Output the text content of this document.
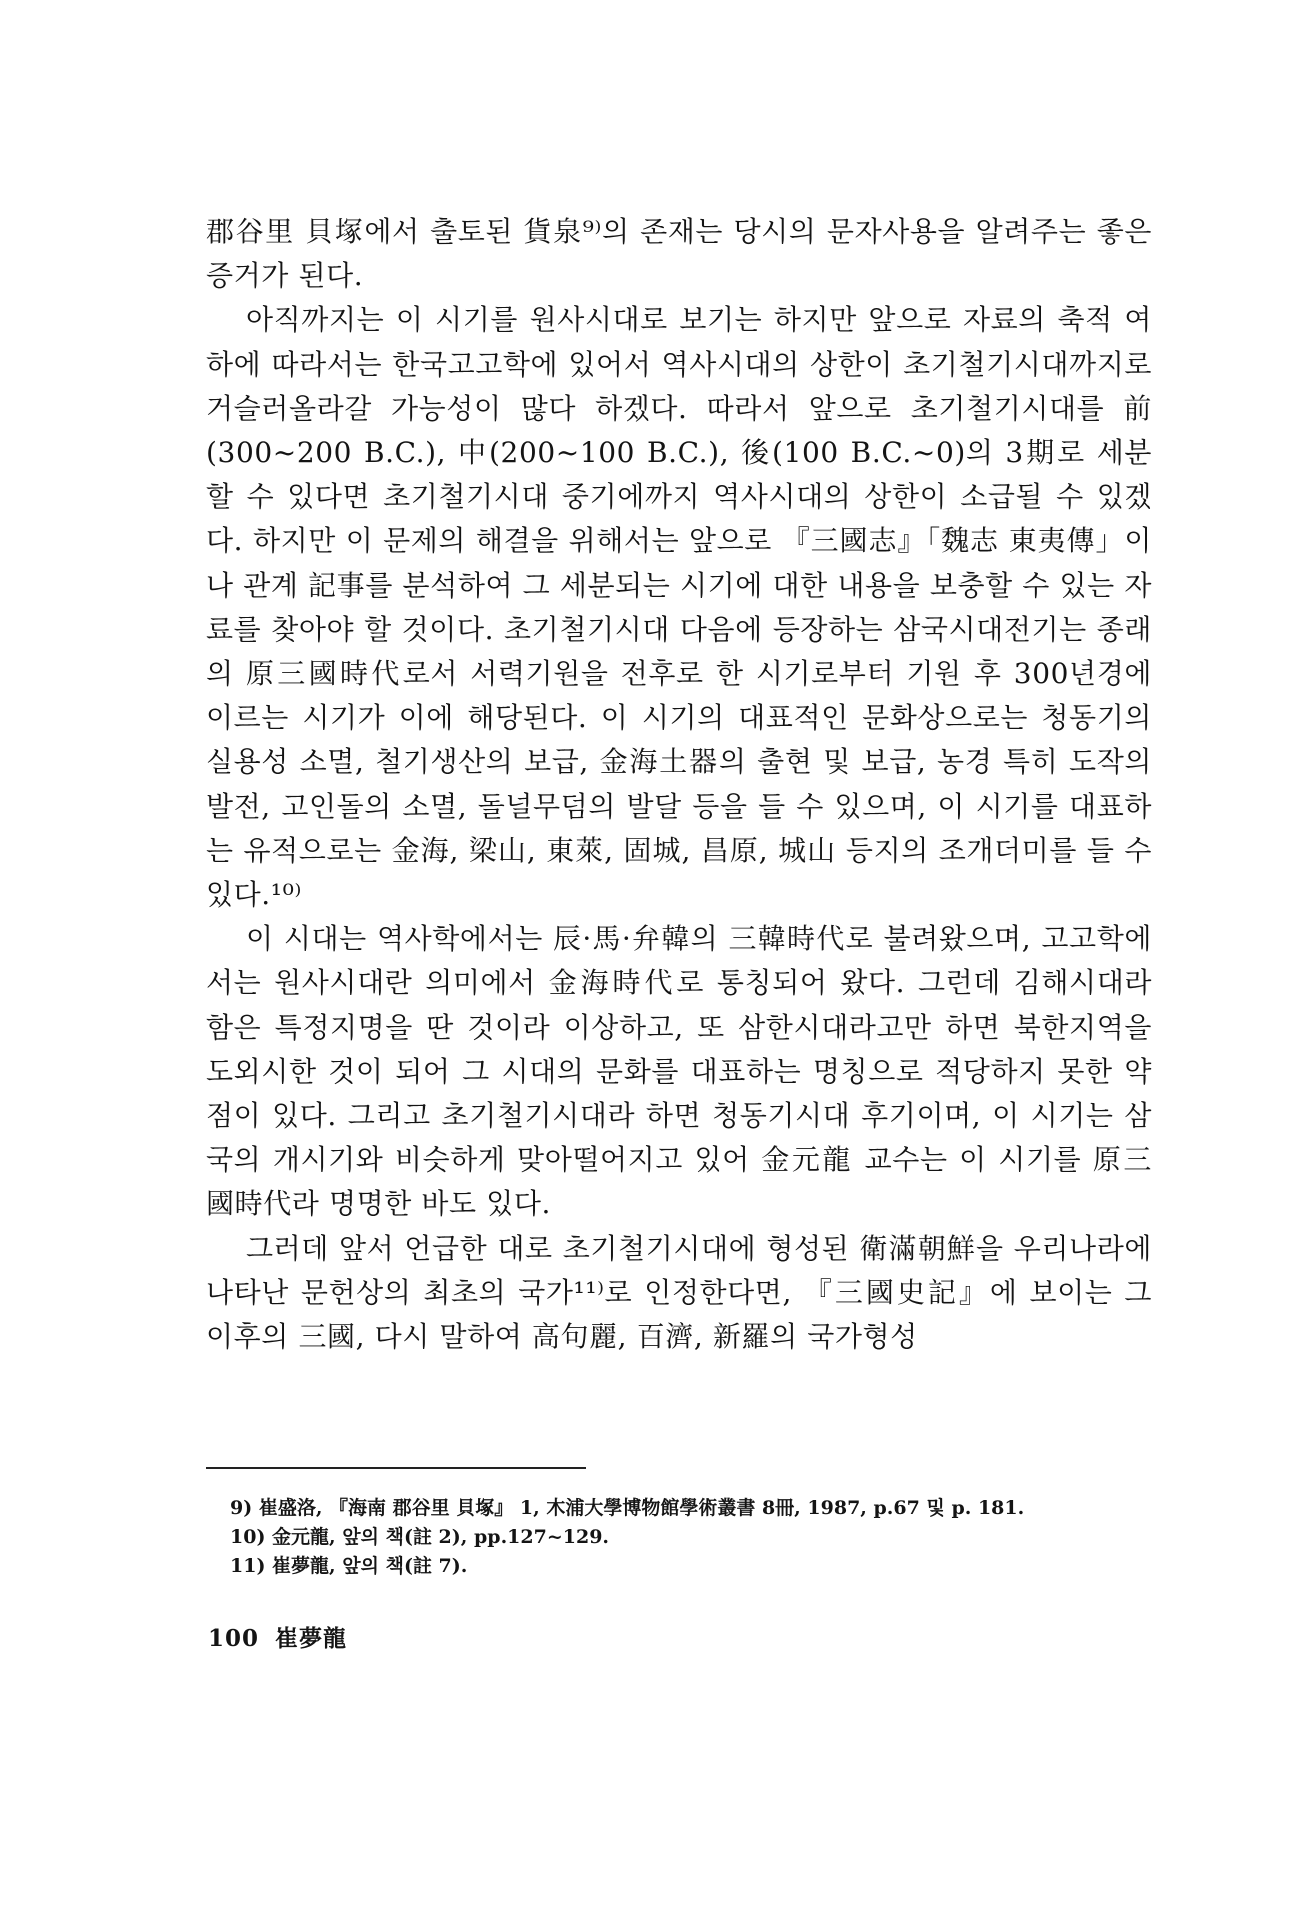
郡谷里 貝塚에서 출토된 貨泉⁹⁾의 존재는 당시의 문자사용을 알려주는 좋은 증거가 된다.

아직까지는 이 시기를 원사시대로 보기는 하지만 앞으로 자료의 축적 여하에 따라서는 한국고고학에 있어서 역사시대의 상한이 초기철기시대까지로 거슬러올라갈 가능성이 많다 하겠다. 따라서 앞으로 초기철기시대를 前(300~200 B.C.), 中(200~100 B.C.), 後(100 B.C.~0)의 3期로 세분할 수 있다면 초기철기시대 중기에까지 역사시대의 상한이 소급될 수 있겠다. 하지만 이 문제의 해결을 위해서는 앞으로 『三國志』「魏志 東夷傳」이나 관계 記事를 분석하여 그 세분되는 시기에 대한 내용을 보충할 수 있는 자료를 찾아야 할 것이다. 초기철기시대 다음에 등장하는 삼국시대전기는 종래의 原三國時代로서 서력기원을 전후로 한 시기로부터 기원 후 300년경에 이르는 시기가 이에 해당된다. 이 시기의 대표적인 문화상으로는 청동기의 실용성 소멸, 철기생산의 보급, 金海土器의 출현 및 보급, 농경 특히 도작의 발전, 고인돌의 소멸, 돌널무덤의 발달 등을 들 수 있으며, 이 시기를 대표하는 유적으로는 金海, 梁山, 東萊, 固城, 昌原, 城山 등지의 조개더미를 들 수 있다.¹⁰⁾

이 시대는 역사학에서는 辰·馬·弁韓의 三韓時代로 불려왔으며, 고고학에서는 원사시대란 의미에서 金海時代로 통칭되어 왔다. 그런데 김해시대라 함은 특정지명을 딴 것이라 이상하고, 또 삼한시대라고만 하면 북한지역을 도외시한 것이 되어 그 시대의 문화를 대표하는 명칭으로 적당하지 못한 약점이 있다. 그리고 초기철기시대라 하면 청동기시대 후기이며, 이 시기는 삼국의 개시기와 비슷하게 맞아떨어지고 있어 金元龍 교수는 이 시기를 原三國時代라 명명한 바도 있다.

그러데 앞서 언급한 대로 초기철기시대에 형성된 衛滿朝鮮을 우리나라에 나타난 문헌상의 최초의 국가¹¹⁾로 인정한다면, 『三國史記』에 보이는 그 이후의 三國, 다시 말하여 高句麗, 百濟, 新羅의 국가형성

9) 崔盛洛, 『海南 郡谷里 貝塚』 1, 木浦大學博物館學術叢書 8冊, 1987, p.67 및 p. 181.
10) 金元龍, 앞의 책(註 2), pp.127~129.
11) 崔夢龍, 앞의 책(註 7).
100 崔夢龍
